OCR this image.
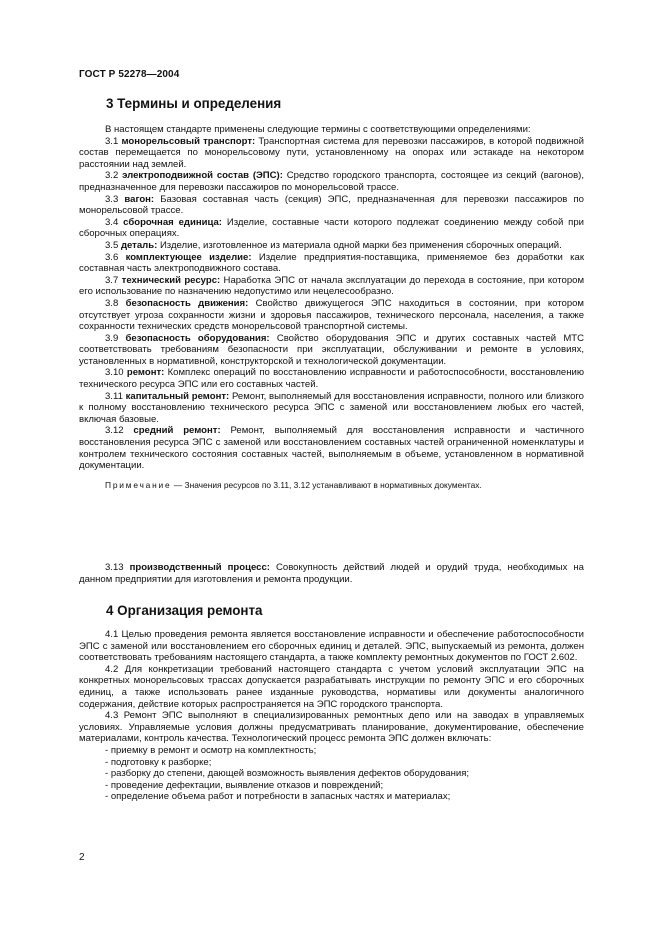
ГОСТ Р 52278—2004
3 Термины и определения

В настоящем стандарте применены следующие термины с соответствующими определениями:

3.1 монорельсовый транспорт: Транспортная система для перевозки пассажиров, в которой подвижной состав перемещается по монорельсовому пути, установленному на опорах или эстакаде на некотором расстоянии над землей.

3.2 электроподвижной состав (ЭПС): Средство городского транспорта, состоящее из секций (вагонов), предназначенное для перевозки пассажиров по монорельсовой трассе.

3.3 вагон: Базовая составная часть (секция) ЭПС, предназначенная для перевозки пассажиров по монорельсовой трассе.

3.4 сборочная единица: Изделие, составные части которого подлежат соединению между собой при сборочных операциях.

3.5 деталь: Изделие, изготовленное из материала одной марки без применения сборочных операций.

3.6 комплектующее изделие: Изделие предприятия-поставщика, применяемое без доработки как составная часть электроподвижного состава.

3.7 технический ресурс: Наработка ЭПС от начала эксплуатации до перехода в состояние, при котором его использование по назначению недопустимо или нецелесообразно.

3.8 безопасность движения: Свойство движущегося ЭПС находиться в состоянии, при котором отсутствует угроза сохранности жизни и здоровья пассажиров, технического персонала, населения, а также сохранности технических средств монорельсовой транспортной системы.

3.9 безопасность оборудования: Свойство оборудования ЭПС и других составных частей МТС соответствовать требованиям безопасности при эксплуатации, обслуживании и ремонте в условиях, установленных в нормативной, конструкторской и технологической документации.

3.10 ремонт: Комплекс операций по восстановлению исправности и работоспособности, восстановлению технического ресурса ЭПС или его составных частей.

3.11 капитальный ремонт: Ремонт, выполняемый для восстановления исправности, полного или близкого к полному восстановлению технического ресурса ЭПС с заменой или восстановлением любых его частей, включая базовые.

3.12 средний ремонт: Ремонт, выполняемый для восстановления исправности и частичного восстановления ресурса ЭПС с заменой или восстановлением составных частей ограниченной номенклатуры и контролем технического состояния составных частей, выполняемым в объеме, установленном в нормативной документации.

Примечание — Значения ресурсов по 3.11, 3.12 устанавливают в нормативных документах.

3.13 производственный процесс: Совокупность действий людей и орудий труда, необходимых на данном предприятии для изготовления и ремонта продукции.

4 Организация ремонта

4.1 Целью проведения ремонта является восстановление исправности и обеспечение работоспособности ЭПС с заменой или восстановлением его сборочных единиц и деталей. ЭПС, выпускаемый из ремонта, должен соответствовать требованиям настоящего стандарта, а также комплекту ремонтных документов по ГОСТ 2.602.

4.2 Для конкретизации требований настоящего стандарта с учетом условий эксплуатации ЭПС на конкретных монорельсовых трассах допускается разрабатывать инструкции по ремонту ЭПС и его сборочных единиц, а также использовать ранее изданные руководства, нормативы или документы аналогичного содержания, действие которых распространяется на ЭПС городского транспорта.

4.3 Ремонт ЭПС выполняют в специализированных ремонтных депо или на заводах в управляемых условиях. Управляемые условия должны предусматривать планирование, документирование, обеспечение материалами, контроль качества. Технологический процесс ремонта ЭПС должен включать:

- приемку в ремонт и осмотр на комплектность;
- подготовку к разборке;
- разборку до степени, дающей возможность выявления дефектов оборудования;
- проведение дефектации, выявление отказов и повреждений;
- определение объема работ и потребности в запасных частях и материалах;
2
